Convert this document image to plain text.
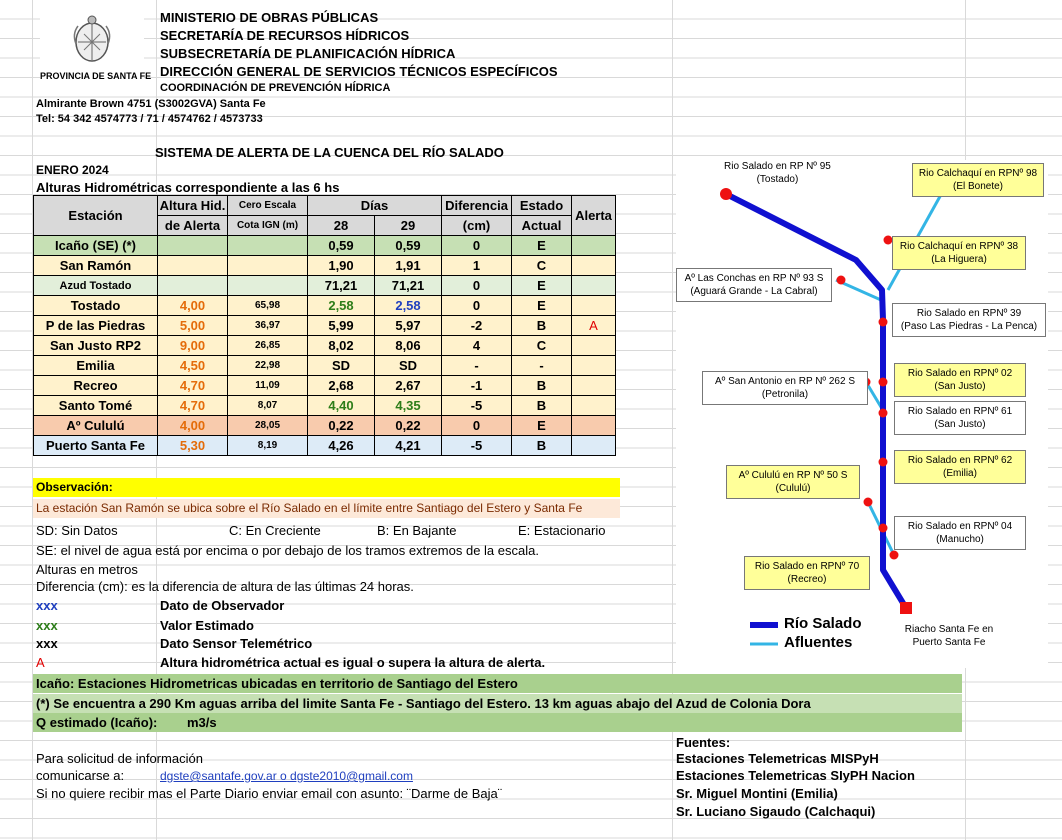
PROVINCIA DE SANTA FE
MINISTERIO DE OBRAS PÚBLICAS
SECRETARÍA DE RECURSOS HÍDRICOS
SUBSECRETARÍA DE PLANIFICACIÓN HÍDRICA
DIRECCIÓN GENERAL DE SERVICIOS TÉCNICOS ESPECÍFICOS
COORDINACIÓN DE PREVENCIÓN HÍDRICA
Almirante Brown 4751 (S3002GVA) Santa Fe
Tel: 54 342 4574773 / 71 / 4574762 / 4573733
SISTEMA DE ALERTA DE LA CUENCA DEL RÍO SALADO
ENERO 2024
Alturas Hidrométricas correspondiente a las 6 hs
Estación	Altura Hid.	Cero Escala	Días		Diferencia	Estado	Alerta
	de Alerta	Cota IGN (m)	28	29	(cm)	Actual	
Icaño (SE) (*)			0,59	0,59	0	E	
San Ramón			1,90	1,91	1	C	
Azud Tostado			71,21	71,21	0	E	
Tostado	4,00	65,98	2,58	2,58	0	E	
P de las Piedras	5,00	36,97	5,99	5,97	-2	B	A
San Justo RP2	9,00	26,85	8,02	8,06	4	C	
Emilia	4,50	22,98	SD	SD	-	-	
Recreo	4,70	11,09	2,68	2,67	-1	B	
Santo Tomé	4,70	8,07	4,40	4,35	-5	B	
Aº Cululú	4,00	28,05	0,22	0,22	0	E	
Puerto Santa Fe	5,30	8,19	4,26	4,21	-5	B	
Observación:
La estación San Ramón se ubica sobre el Río Salado en el límite entre Santiago del Estero y Santa Fe
SD: Sin Datos	C: En Creciente	B: En Bajante	E: Estacionario
SE: el nivel de agua está por encima o por debajo de los tramos extremos de la escala.
Alturas en metros
Diferencia (cm): es la diferencia de altura de las últimas 24 horas.
xxx	Dato de Observador
xxx	Valor Estimado
xxx	Dato Sensor Telemétrico
A	Altura hidrométrica actual es igual o supera la altura de alerta.
Icaño: Estaciones Hidrometricas ubicadas en territorio de Santiago del Estero
(*) Se encuentra a 290 Km aguas arriba del limite Santa Fe - Santiago del Estero. 13 km aguas abajo del Azud de Colonia Dora
Q estimado (Icaño): m3/s
Para solicitud de información
comunicarse a:	dgste@santafe.gov.ar o dgste2010@gmail.com
Si no quiere recibir mas el Parte Diario enviar email con asunto: ¨Darme de Baja¨
Fuentes:
Estaciones Telemetricas MISPyH
Estaciones Telemetricas SIyPH Nacion
Sr. Miguel Montini (Emilia)
Sr. Luciano Sigaudo (Calchaqui)
Rio Salado en RP Nº 95
(Tostado)
Rio Calchaquí en RPNº 98
(El Bonete)
Rio Calchaquí en RPNº 38
(La Higuera)
Aº Las Conchas en RP Nº 93 S
(Aguará Grande - La Cabral)
Rio Salado en RPNº 39
(Paso Las Piedras - La Penca)
Rio Salado en RPNº 02
(San Justo)
Aº San Antonio en RP Nº 262 S
(Petronila)
Rio Salado en RPNº 61
(San Justo)
Rio Salado en RPNº 62
(Emilia)
Aº Cululú en RP Nº 50 S
(Cululú)
Rio Salado en RPNº 04
(Manucho)
Rio Salado en RPNº 70
(Recreo)
Riacho Santa Fe en
Puerto Santa Fe
Río Salado
Afluentes
